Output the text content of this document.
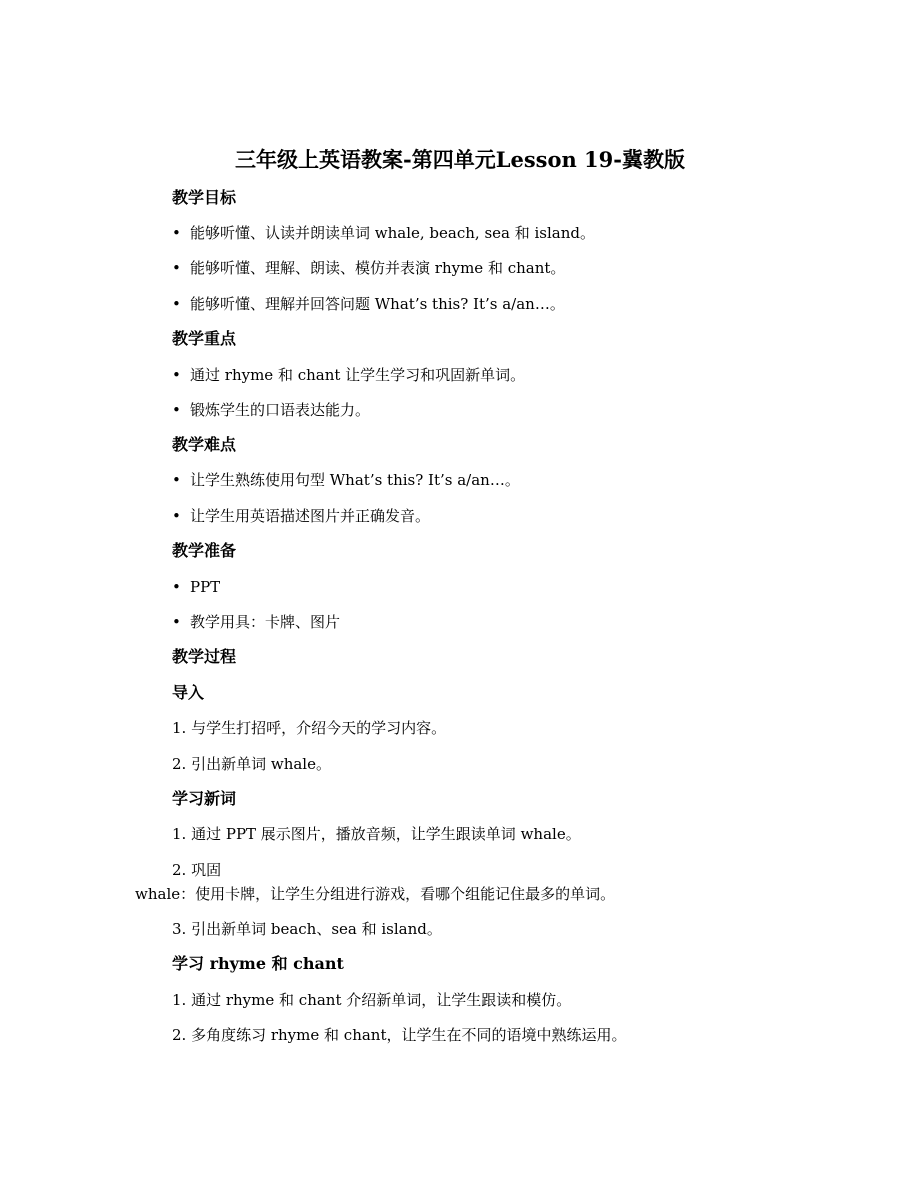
三年级上英语教案-第四单元Lesson 19-冀教版
教学目标
• 能够听懂、认读并朗读单词 whale, beach, sea 和 island。
• 能够听懂、理解、朗读、模仿并表演 rhyme 和 chant。
• 能够听懂、理解并回答问题 What’s this? It’s a/an…。
教学重点
• 通过 rhyme 和 chant 让学生学习和巩固新单词。
• 锻炼学生的口语表达能力。
教学难点
• 让学生熟练使用句型 What’s this? It’s a/an…。
• 让学生用英语描述图片并正确发音。
教学准备
• PPT
• 教学用具：卡牌、图片
教学过程
导入
1. 与学生打招呼，介绍今天的学习内容。
2. 引出新单词 whale。
学习新词
1. 通过 PPT 展示图片，播放音频，让学生跟读单词 whale。
2. 巩固
whale：使用卡牌，让学生分组进行游戏，看哪个组能记住最多的单词。
3. 引出新单词 beach、sea 和 island。
学习 rhyme 和 chant
1. 通过 rhyme 和 chant 介绍新单词，让学生跟读和模仿。
2. 多角度练习 rhyme 和 chant，让学生在不同的语境中熟练运用。
